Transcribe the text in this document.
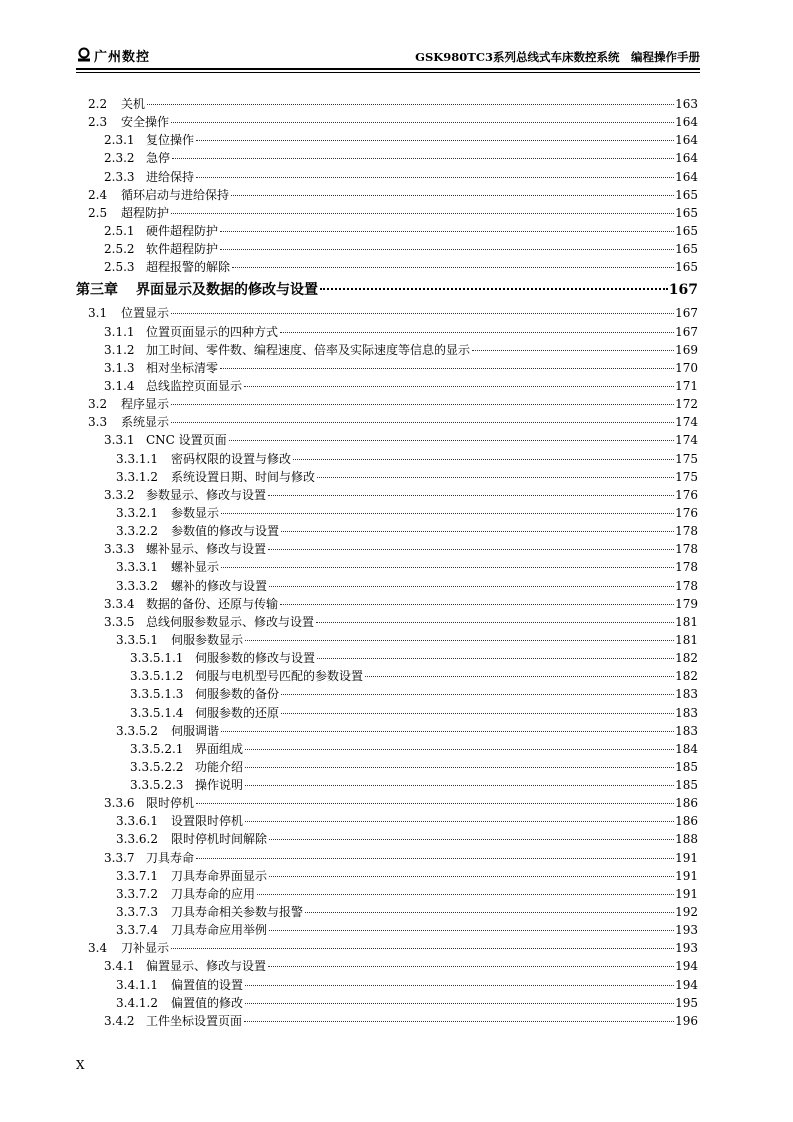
广州数控	GSK980TC3系列总线式车床数控系统　编程操作手册
2.2	关机	163
2.3	安全操作	164
2.3.1 复位操作	164
2.3.2 急停	164
2.3.3 进给保持	164
2.4	循环启动与进给保持	165
2.5	超程防护	165
2.5.1 硬件超程防护	165
2.5.2 软件超程防护	165
2.5.3 超程报警的解除	165
第三章	界面显示及数据的修改与设置	167
3.1	位置显示	167
3.1.1 位置页面显示的四种方式	167
3.1.2 加工时间、零件数、编程速度、倍率及实际速度等信息的显示	169
3.1.3 相对坐标清零	170
3.1.4 总线监控页面显示	171
3.2	程序显示	172
3.3	系统显示	174
3.3.1 CNC 设置页面	174
3.3.1.1	密码权限的设置与修改	175
3.3.1.2	系统设置日期、时间与修改	175
3.3.2 参数显示、修改与设置	176
3.3.2.1	参数显示	176
3.3.2.2	参数值的修改与设置	178
3.3.3 螺补显示、修改与设置	178
3.3.3.1	螺补显示	178
3.3.3.2	螺补的修改与设置	178
3.3.4 数据的备份、还原与传输	179
3.3.5 总线伺服参数显示、修改与设置	181
3.3.5.1	伺服参数显示	181
3.3.5.1.1 伺服参数的修改与设置	182
3.3.5.1.2 伺服与电机型号匹配的参数设置	182
3.3.5.1.3 伺服参数的备份	183
3.3.5.1.4 伺服参数的还原	183
3.3.5.2	伺服调谐	183
3.3.5.2.1 界面组成	184
3.3.5.2.2 功能介绍	185
3.3.5.2.3 操作说明	185
3.3.6 限时停机	186
3.3.6.1	设置限时停机	186
3.3.6.2	限时停机时间解除	188
3.3.7 刀具寿命	191
3.3.7.1	刀具寿命界面显示	191
3.3.7.2	刀具寿命的应用	191
3.3.7.3	刀具寿命相关参数与报警	192
3.3.7.4	刀具寿命应用举例	193
3.4	刀补显示	193
3.4.1 偏置显示、修改与设置	194
3.4.1.1	偏置值的设置	194
3.4.1.2	偏置值的修改	195
3.4.2 工件坐标设置页面	196
X
